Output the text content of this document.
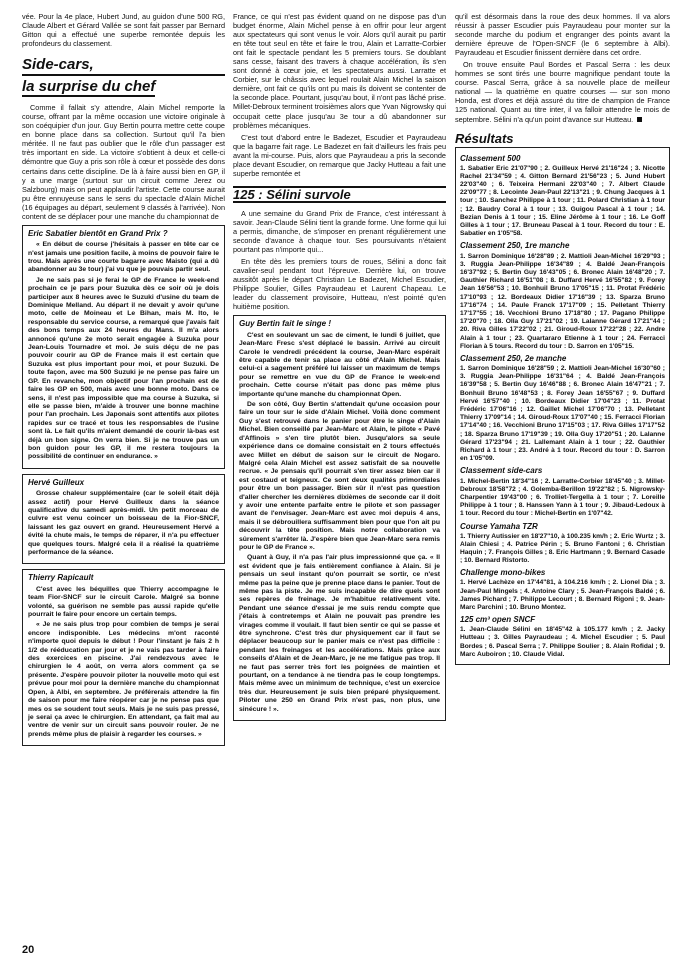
vée. Pour la 4e place, Hubert Jund, au guidon d'une 500 RG, Claude Albert et Gérard Vallée se sont fait passer par Bernard Gitton qui a effectué une superbe remontée depuis les profondeurs du classement.

Side-cars,
la surprise du chef

Comme il fallait s'y attendre, Alain Michel remporte la course, offrant par la même occasion une victoire originale à son coéquipier d'un jour. Guy Bertin pourra mettre cette coupe en bonne place dans sa collection. Surtout qu'il l'a bien méritée. Il ne faut pas oublier que le rôle d'un passager est très important en side. La victoire s'obtient à deux et celle-ci démontre que Guy a pris son rôle à cœur et possède des dons certains dans cette discipline. De là à faire aussi bien en GP, il y a une marge (surtout sur un circuit comme Jerez ou Salzbourg) mais on peut applaudir l'artiste. Cette course aurait pu être ennuyeuse sans le sens du spectacle d'Alain Michel (16 équipages au départ, seulement 9 classés à l'arrivée). Non content de se déplacer pour une manche du championnat de

Eric Sabatier bientôt en Grand Prix ?

« En début de course j'hésitais à passer en tête car ce n'est jamais une position facile, à moins de pouvoir faire le trou. Mais après une courte bagarre avec Maisto (qui a dû abandonner au 3e tour) j'ai vu que je pouvais partir seul.

Je ne sais pas si je ferai le GP de France le week-end prochain ce je pars pour Suzuka dès ce soir où je dois participer aux 8 heures avec le Suzuki d'usine du team de Dominique Melland. Au départ il ne devait y avoir qu'une moto, celle de Moineau et Le Bihan, mais M. Ito, le responsable du service course, a remarqué que j'avais fait des bons temps aux 24 heures du Mans. Il m'a alors annoncé qu'une 2e moto serait engagée à Suzuka pour Jean-Louis Tournadre et moi. Je suis déçu de ne pas pouvoir courir au GP de France mais il est certain que Suzuka est plus important pour moi, et pour Suzuki. De toute façon, avec ma 500 Suzuki je ne pense pas faire un GP. En revanche, mon objectif pour l'an prochain est de faire les GP en 500, mais avec une bonne moto. Dans ce sens, il n'est pas impossible que ma course à Suzuka, si elle se passe bien, m'aide à trouver une bonne machine pour l'an prochain. Les Japonais sont attentifs aux pilotes rapides sur ce tracé et tous les responsables de l'usine sont là. Le fait qu'ils m'aient demandé de courir là-bas est déjà un bon signe. On verra bien. Si je ne trouve pas un bon guidon pour les GP, il me restera toujours la possibilité de continuer en endurance. »

Hervé Guilleux

Grosse chaleur supplémentaire (car le soleil était déjà assez actif) pour Hervé Guilleux dans la séance qualificative du samedi après-midi. Un petit morceau de culvre est venu coincer un boisseau de la Fior-SNCF, laissant les gaz ouvert en grand. Heureusement Hervé a évité la chute mais, le temps de réparer, il n'a pu effectuer que quelques tours. Malgré cela il a réalisé la quatrième performance de la séance.

Thierry Rapicault

C'est avec les béquilles que Thierry accompagne le team Fior-SNCF sur le circuit Carole. Malgré sa bonne volonté, sa guérison ne semble pas aussi rapide qu'elle pourrait le faire pour encore un certain temps.

« Je ne sais plus trop pour combien de temps je serai encore indisponible. Les médecins m'ont raconté n'importe quoi depuis le début ! Pour l'instant je fais 2 h 1/2 de rééducation par jour et je ne vais pas tarder à faire des exercices en piscine. J'ai rendezvous avec le chirurgien le 4 août, on verra alors comment ça se présente. J'espère pouvoir piloter la nouvelle moto qui est prévue pour moi pour la dernière manche du championnat Open, à Albi, en septembre. Je préférerais attendre la fin de saison pour me faire réopérer car je ne pense pas que mes os se soudent tout seuls. Mais je ne suis pas pressé, je serai ça avec le chirurgien. En attendant, ça fait mal au ventre de venir sur un circuit sans pouvoir rouler. Je ne prends même plus de plaisir à regarder les courses. »

France, ce qui n'est pas évident quand on ne dispose pas d'un budget énorme, Alain Michel pense à en offrir pour leur argent aux spectateurs qui sont venus le voir. Alors qu'il aurait pu partir en tête tout seul en tête et faire le trou, Alain et Larratte-Corbier ont fait le spectacle pendant les 5 premiers tours. Se doublant sans cesse, faisant des travers à chaque accélération, ils s'en sont donné à cœur joie, et les spectateurs aussi. Larratte et Corbier, sur le châssis avec lequel roulait Alain Michel la saison dernière, ont fait ce qu'ils ont pu mais ils doivent se contenter de la seconde place. Pourtant, jusqu'au bout, il n'ont pas lâché prise. Millet-Debroux terminent troisièmes alors que Yvan Nigrowsky qui occupait cette place jusqu'au 3e tour a dû abandonner sur problèmes mécaniques.

C'est tout d'abord entre le Badezet, Escudier et Payraudeau que la bagarre fait rage. Le Badezet en fait d'ailleurs les frais peu avant la mi-course. Puis, alors que Payraudeau a pris la seconde place devant Escudier, on remarque que Jacky Hutteau a fait une superbe remontée et

125 : Sélini survole

A une semaine du Grand Prix de France, c'est intéressant à savoir. Jean-Claude Sélini tient la grande forme. Une forme qui lui a permis, dimanche, de s'imposer en prenant régulièrement une seconde d'avance à chaque tour. Ses poursuivants n'étaient pourtant pas n'importe qui...

En tête dès les premiers tours de roues, Sélini a donc fait cavalier-seul pendant tout l'épreuve. Derrière lui, on trouve aussitôt après le départ Christian Le Badezet, Michel Escudier, Philippe Soulier, Gilles Payraudeau et Laurent Chapeau. Le leader du classement provisoire, Hutteau, n'est pointé qu'en huitième position.

Guy Bertin fait le singe !

C'est en soulevant un sac de ciment, le lundi 6 juillet, que Jean-Marc Fresc s'est déplacé le bassin. Arrivé au circuit Carole le vendredi précédent la course, Jean-Marc espérait être capable de tenir sa place au côté d'Alain Michel. Mais celui-ci a sagement préféré lui laisser un maximum de temps pour se remettre en vue du GP de France le week-end prochain. Cette course n'était pas donc pas même plus importante qu'une manche du championnat Open.

De son côté, Guy Bertin s'attendait qu'une occasion pour faire un tour sur le side d'Alain Michel. Voilà donc comment Guy s'est retrouvé dans le panier pour être le singe d'Alain Michel. Bien conseillé par Jean-Marc et Alain, le pilote « Pavé d'Affinois » s'en tire plutôt bien. Jusqu'alors sa seule expérience dans ce domaine consistait en 2 tours effectués avec Millet en début de saison sur le circuit de Nogaro. Malgré cela Alain Michel est assez satisfait de sa nouvelle recrue. « Je pensais qu'il pourrait s'en tirer assez bien car il est costaud et teigneux. Ce sont deux qualités primordiales pour être un bon passager. Bien sûr il n'est pas question d'aller chercher les dernières dixièmes de seconde car il doit y avoir une entente parfaite entre le pilote et son passager avant de l'envisager. Jean-Marc est avec moi depuis 4 ans, mais il se débrouillera suffisamment bien pour que l'on ait pu découvrir la tête position. Mais notre collaboration va sûrement s'arrêter là. J'espère bien que Jean-Marc sera remis pour le GP de France ».

Quant à Guy, il n'a pas l'air plus impressionné que ça. « Il est évident que je fais entièrement confiance à Alain. Si je pensais un seul instant qu'on pourrait se sortir, ce n'est même pas la peine que je prenne place dans le panier. Tout de même pas la piste. Je me suis incapable de dire quels sont ses repères de freinage. Je m'habitue relativement vite. Pendant une séance d'essai je me suis rendu compte que j'étais à contretemps et Alain ne pouvait pas prendre les virages comme il voulait. Il faut bien sentir ce qui se passe et être synchrone. C'est très dur physiquement car il faut se déplacer beaucoup sur le panier mais ce n'est pas difficile : pendant les freinages et les accélérations. Mais grâce aux conseils d'Alain et de Jean-Marc, je ne me fatigue pas trop. Il ne faut pas serrer très fort les poignées de maintien et pourtant, on a tendance à ne tiendra pas le coup longtemps. Mais même avec un minimum de technique, c'est un exercice très dur. Heureusement je suis bien préparé physiquement. Piloter une 250 en Grand Prix n'est pas, non plus, une sinécure ! ».

qu'il est désormais dans la roue des deux hommes. Il va alors réussir à passer Escudier puis Payraudeau pour monter sur la seconde marche du podium et engranger des points avant la dernière épreuve de l'Open-SNCF (le 6 septembre à Albi). Payraudeau et Escudier finissent dernière dans cet ordre.

On trouve ensuite Paul Bordes et Pascal Serra : les deux hommes se sont tirés une bourre magnifique pendant toute la course. Pascal Serra, grâce à sa nouvelle place de meilleur national — la quatrième en quatre courses — sur son mono Honda, est d'ores et déjà assuré du titre de champion de France 125 national. Quant au titre inter, il va falloir attendre le mois de septembre. Sélini n'a qu'un point d'avance sur Hutteau.

Résultats
Classement 500
1. Sabatier Eric 21'07"90 ; 2. Guilleux Hervé 21'16"24 ; 3. Nicotte Rachel 21'34"59 ; 4. Gitton Bernard 21'56"23 ; 5. Jund Hubert 22'03"40 ; 6. Teixeira Hermani 22'03"40 ; 7. Albert Claude 22'09"77 ; 8. Lecointe Jean-Paul 22'13"21 ; 9. Chung Jacques à 1 tour ; 10. Sanchez Philippe à 1 tour ; 11. Polard Christian à 1 tour ; 12. Baudry Coral à 1 tour ; 13. Guigou Pascal à 1 tour ; 14. Bezian Denis à 1 tour ; 15. Eline Jérôme à 1 tour ; 16. Le Goff Gilles à 1 tour ; 17. Bruneau Pascal à 1 tour. Record du tour : E. Sabatier en 1'05"58.
Classement 250, 1re manche
1. Sarron Dominique 16'28"89 ; 2. Mattioli Jean-Michel 16'29"93 ; 3. Ruggia Jean-Philippe 16'34"89 ; 4. Baldé Jean-François 16'37"92 ; 5. Bertin Guy 16'43"05 ; 6. Bronec Alain 16'48"20 ; 7. Gauthier Richard 16'51"08 ; 8. Duffard Hervé 16'55"82 ; 9. Forey Jean 16'56"53 ; 10. Bonhuil Bruno 17'05"15 ; 11. Protat Frédéric 17'10"93 ; 12. Bordeaux Didier 17'16"39 ; 13. Sparza Bruno 17'16"74 ; 14. Paule Franck 17'17"09 ; 15. Pelletant Thierry 17'17"55 ; 16. Vecchioni Bruno 17'18"80 ; 17. Pagano Philippe 17'20"70 ; 18. Olla Guy 17'21"02 ; 19. Lalanne Gérard 17'21"44 ; 20. Riva Gilles 17'22"02 ; 21. Giroud-Roux 17'22"28 ; 22. Andre Alain à 1 tour ; 23. Quartararo Etienne à 1 tour ; 24. Ferracci Florian à 5 tours. Record du tour : D. Sarron en 1'05"15.
Classement 250, 2e manche
1. Sarron Dominique 16'28"59 ; 2. Mattioli Jean-Michel 16'30"60 ; 3. Ruggia Jean-Philippe 16'31"64 ; 4. Baldé Jean-François 16'39"58 ; 5. Bertin Guy 16'46"88 ; 6. Bronec Alain 16'47"21 ; 7. Bonhuil Bruno 16'48"53 ; 8. Forey Jean 16'55"67 ; 9. Duffard Hervé 16'57"40 ; 10. Bordeaux Didier 17'04"23 ; 11. Protat Frédéric 17'06"16 ; 12. Gaillet Michel 17'06"70 ; 13. Pelletant Thierry 17'09"14 ; 14. Giroud-Roux 17'07"40 ; 15. Ferracci Florian 17'14"40 ; 16. Vecchioni Bruno 17'15"03 ; 17. Riva Gilles 17'17"52 ; 18. Sparza Bruno 17'19"39 ; 19. Olla Guy 17'20"51 ; 20. Lalanne Gérard 17'23"94 ; 21. Lallemant Alain à 1 tour ; 22. Gauthier Richard à 1 tour ; 23. André à 1 tour. Record du tour : D. Sarron en 1'05"09.
Classement side-cars
1. Michel-Bertin 18'34"16 ; 2. Larratte-Corbier 18'45"40 ; 3. Millet-Debroux 18'58"72 ; 4. Golemba-Berillon 19'22"82 ; 5. Nigrowsky-Charpentier 19'43"00 ; 6. Trolliet-Tergella à 1 tour ; 7. Loreille Philippe à 1 tour ; 8. Hanssen Yann à 1 tour ; 9. Jibaud-Ledoux à 1 tour. Record du tour : Michel-Bertin en 1'07"42.
Course Yamaha TZR
1. Thierry Autissier en 18'27"10, à 100.235 km/h ; 2. Eric Wurtz ; 3. Alain Chiesi ; 4. Patrice Périn ; 5. Bruno Fantoni ; 6. Christian Haquin ; 7. François Gilles ; 8. Eric Hartmann ; 9. Bernard Casade ; 10. Bernard Ristorto.
Challenge mono-bikes
1. Hervé Lachèze en 17'44"81, à 104.216 km/h ; 2. Lionel Dia ; 3. Jean-Paul Mingels ; 4. Antoine Clary ; 5. Jean-François Baldé ; 6. James Pichard ; 7. Philippe Lecourt ; 8. Bernard Rigoni ; 9. Jean-Marc Parchini ; 10. Bruno Montez.
125 cm³ open SNCF
1. Jean-Claude Sélini en 18'45"42 à 105.177 km/h ; 2. Jacky Hutteau ; 3. Gilles Payraudeau ; 4. Michel Escudier ; 5. Paul Bordes ; 6. Pascal Serra ; 7. Philippe Soulier ; 8. Alain Rofidal ; 9. Marc Auboiron ; 10. Claude Vidal.
20
